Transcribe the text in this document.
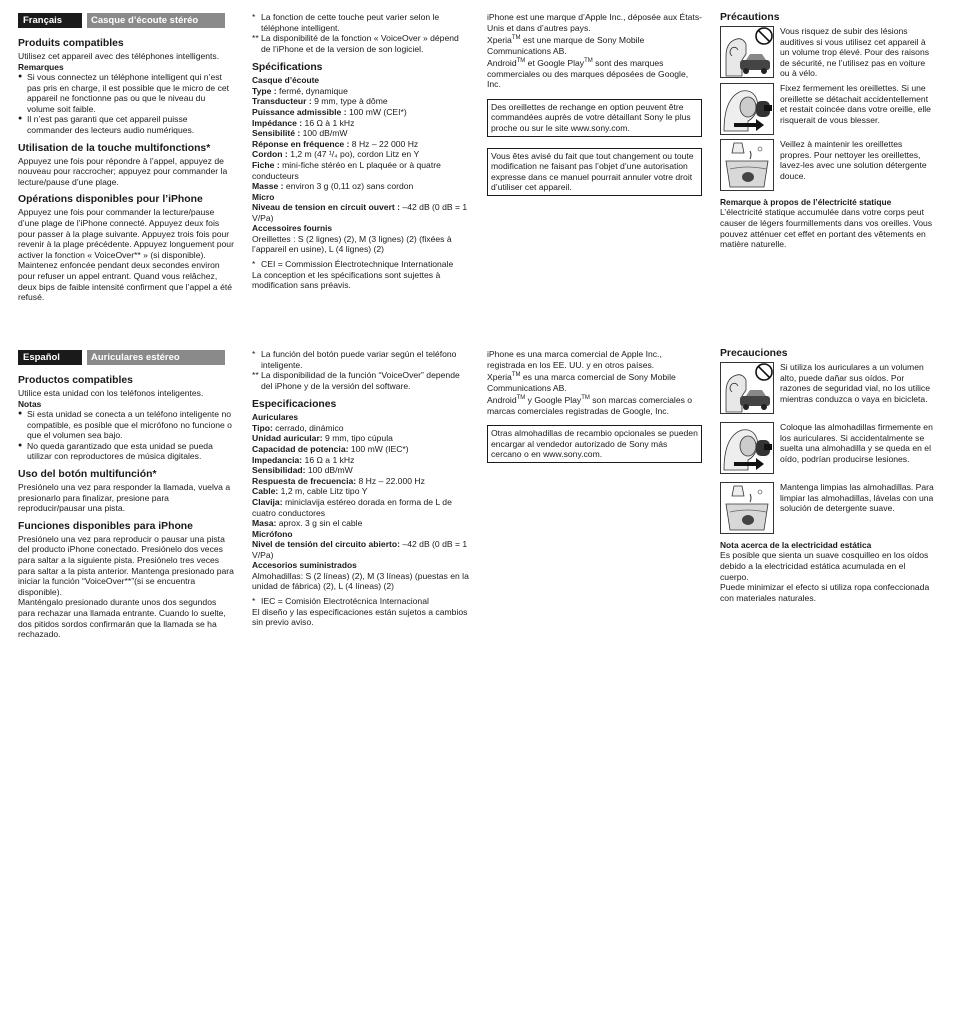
Français	Casque d’écoute stéréo
Produits compatibles

Utilisez cet appareil avec des téléphones intelligents.

Remarques
● Si vous connectez un téléphone intelligent qui n’est pas pris en charge, il est possible que le micro de cet appareil ne fonctionne pas ou que le niveau du volume soit faible.
● Il n’est pas garanti que cet appareil puisse commander des lecteurs audio numériques.
Utilisation de la touche multifonctions*

Appuyez une fois pour répondre à l’appel, appuyez de nouveau pour raccrocher; appuyez pour commander la lecture/pause d’une plage.

Opérations disponibles pour l’iPhone

Appuyez une fois pour commander la lecture/pause d’une plage de l’iPhone connecté. Appuyez deux fois pour passer à la plage suivante. Appuyez trois fois pour revenir à la plage précédente. Appuyez longuement pour activer la fonction « VoiceOver** » (si disponible).

Maintenez enfoncée pendant deux secondes environ pour refuser un appel entrant. Quand vous relâchez, deux bips de faible intensité confirment que l’appel a été refusé.

* La fonction de cette touche peut varier selon le téléphone intelligent.
** La disponibilité de la fonction « VoiceOver » dépend de l’iPhone et de la version de son logiciel.
Spécifications
Casque d’écoute

Type : fermé, dynamique

Transducteur : 9 mm, type à dôme

Puissance admissible : 100 mW (CEI*)

Impédance : 16 Ω à 1 kHz

Sensibilité : 100 dB/mW

Réponse en fréquence : 8 Hz – 22 000 Hz

Cordon : 1,2 m (47 ¹/₄ po), cordon Litz en Y

Fiche : mini-fiche stéréo en L plaquée or à quatre conducteurs

Masse : environ 3 g (0,11 oz) sans cordon

Micro

Niveau de tension en circuit ouvert : –42 dB (0 dB = 1 V/Pa)

Accessoires fournis

Oreillettes : S (2 lignes) (2), M (3 lignes) (2) (fixées à l’appareil en usine), L (4 lignes) (2)

* CEI = Commission Électrotechnique Internationale

La conception et les spécifications sont sujettes à modification sans préavis.

iPhone est une marque d’Apple Inc., déposée aux États-Unis et dans d’autres pays.

Xperia™ est une marque de Sony Mobile Communications AB.

Android™ et Google Play™ sont des marques commerciales ou des marques déposées de Google, Inc.

Des oreillettes de rechange en option peuvent être commandées auprès de votre détaillant Sony le plus proche ou sur le site www.sony.com.
Vous êtes avisé du fait que tout changement ou toute modification ne faisant pas l’objet d’une autorisation expresse dans ce manuel pourrait annuler votre droit d’utiliser cet appareil.
Précautions
Vous risquez de subir des lésions auditives si vous utilisez cet appareil à un volume trop élevé. Pour des raisons de sécurité, ne l’utilisez pas en voiture ou à vélo.
Fixez fermement les oreillettes. Si une oreillette se détachait accidentellement et restait coincée dans votre oreille, elle risquerait de vous blesser.
Veillez à maintenir les oreillettes propres. Pour nettoyer les oreillettes, lavez-les avec une solution détergente douce.
Remarque à propos de l’électricité statique

L’électricité statique accumulée dans votre corps peut causer de légers fourmillements dans vos oreilles. Vous pouvez atténuer cet effet en portant des vêtements en matière naturelle.

Español	Auriculares estéreo
Productos compatibles

Utilice esta unidad con los teléfonos inteligentes.

Notas
● Si esta unidad se conecta a un teléfono inteligente no compatible, es posible que el micrófono no funcione o que el volumen sea bajo.
● No queda garantizado que esta unidad se pueda utilizar con reproductores de música digitales.
Uso del botón multifunción*

Presiónelo una vez para responder la llamada, vuelva a presionarlo para finalizar, presione para reproducir/pausar una pista.

Funciones disponibles para iPhone

Presiónelo una vez para reproducir o pausar una pista del producto iPhone conectado. Presiónelo dos veces para saltar a la siguiente pista. Presiónelo tres veces para saltar a la pista anterior. Mantenga presionado para iniciar la función “VoiceOver**”(si se encuentra disponible).

Manténgalo presionado durante unos dos segundos para rechazar una llamada entrante. Cuando lo suelte, dos pitidos sordos confirmarán que la llamada se ha rechazado.

* La función del botón puede variar según el teléfono inteligente.
** La disponibilidad de la función “VoiceOver” depende del iPhone y de la versión del software.
Especificaciones
Auriculares

Tipo: cerrado, dinámico

Unidad auricular: 9 mm, tipo cúpula

Capacidad de potencia: 100 mW (IEC*)

Impedancia: 16 Ω a 1 kHz

Sensibilidad: 100 dB/mW

Respuesta de frecuencia: 8 Hz – 22.000 Hz

Cable: 1,2 m, cable Litz tipo Y

Clavija: miniclavija estéreo dorada en forma de L de cuatro conductores

Masa: aprox. 3 g sin el cable

Micrófono

Nivel de tensión del circuito abierto: –42 dB (0 dB = 1 V/Pa)

Accesorios suministrados

Almohadillas: S (2 líneas) (2), M (3 líneas) (puestas en la unidad de fábrica) (2), L (4 líneas) (2)

* IEC = Comisión Electrotécnica Internacional

El diseño y las especificaciones están sujetos a cambios sin previo aviso.

iPhone es una marca comercial de Apple Inc., registrada en los EE. UU. y en otros países.

Xperia™ es una marca comercial de Sony Mobile Communications AB.

Android™ y Google Play™ son marcas comerciales o marcas comerciales registradas de Google, Inc.

Otras almohadillas de recambio opcionales se pueden encargar al vendedor autorizado de Sony más cercano o en www.sony.com.
Precauciones
Si utiliza los auriculares a un volumen alto, puede dañar sus oídos. Por razones de seguridad vial, no los utilice mientras conduzca o vaya en bicicleta.
Coloque las almohadillas firmemente en los auriculares. Si accidentalmente se suelta una almohadilla y se queda en el oído, podrían producirse lesiones.
Mantenga limpias las almohadillas. Para limpiar las almohadillas, lávelas con una solución de detergente suave.
Nota acerca de la electricidad estática

Es posible que sienta un suave cosquilleo en los oídos debido a la electricidad estática acumulada en el cuerpo.

Puede minimizar el efecto si utiliza ropa confeccionada con materiales naturales.
